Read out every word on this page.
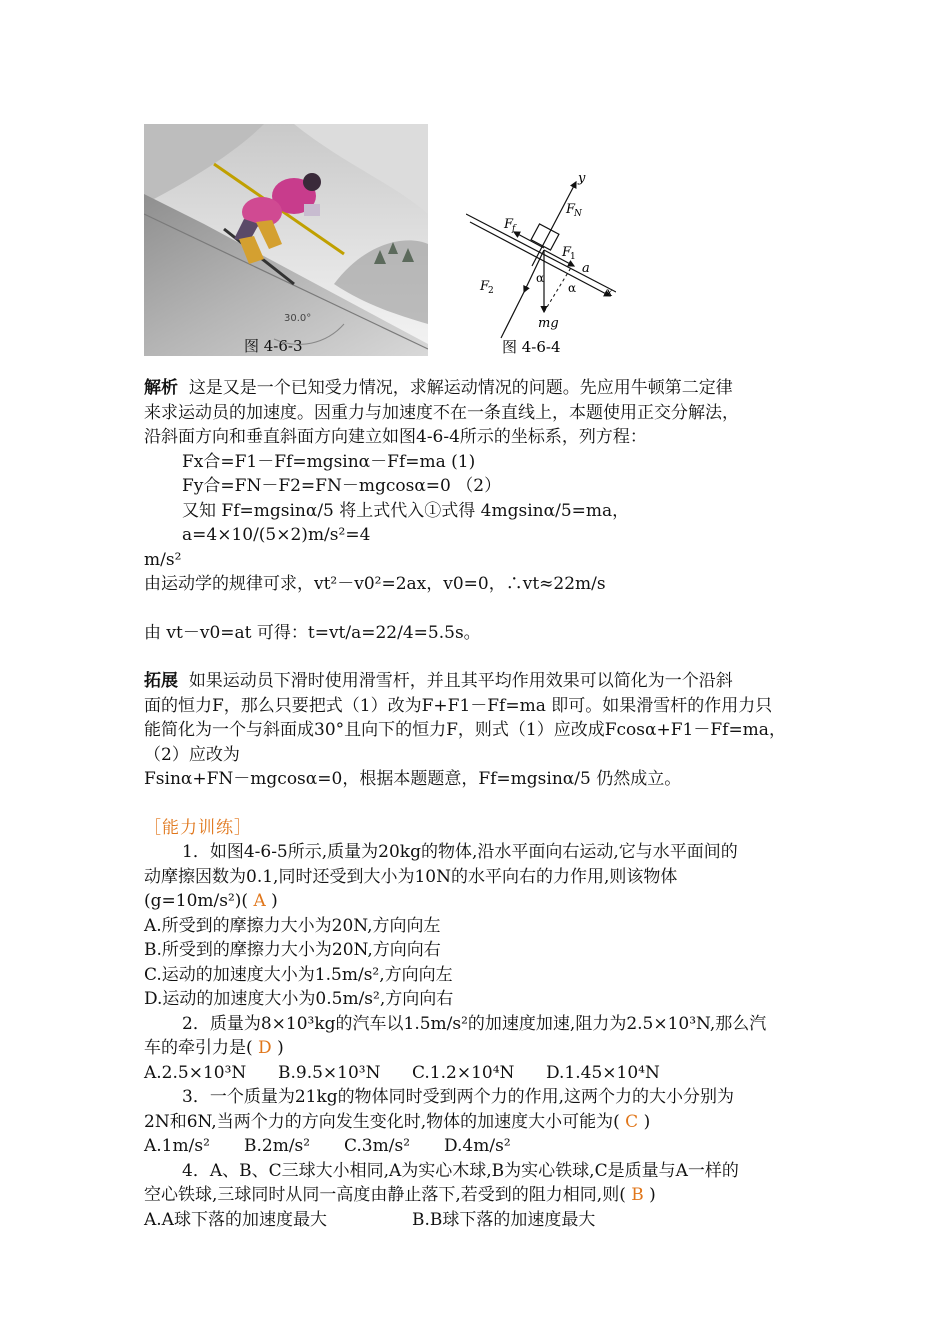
30.0°
图 4-6-3
y
F
N
F
f
F
1
a
F
2
α
α x
mg
图 4-6-4

解析 这是又是一个已知受力情况，求解运动情况的问题。先应用牛顿第二定律

来求运动员的加速度。因重力与加速度不在一条直线上，本题使用正交分解法，

沿斜面方向和垂直斜面方向建立如图4-6-4所示的坐标系，列方程：

Fx合=F1－Ff=mgsinα－Ff=ma (1)

Fy合=FN－F2=FN－mgcosα=0 （2）

又知 Ff=mgsinα/5 将上式代入①式得 4mgsinα/5=ma，a=4×10/(5×2)m/s²=4

m/s²

由运动学的规律可求，vt²－v0²=2ax，v0=0，∴vt≈22m/s

由 vt－v0=at 可得：t=vt/a=22/4=5.5s。

拓展 如果运动员下滑时使用滑雪杆，并且其平均作用效果可以简化为一个沿斜

面的恒力F，那么只要把式（1）改为F+F1－Ff=ma 即可。如果滑雪杆的作用力只

能简化为一个与斜面成30°且向下的恒力F，则式（1）应改成Fcosα+F1－Ff=ma，

（2）应改为

Fsinα+FN－mgcosα=0，根据本题题意，Ff=mgsinα/5 仍然成立。

［能力训练］

1．如图4-6-5所示,质量为20kg的物体,沿水平面向右运动,它与水平面间的

动摩擦因数为0.1,同时还受到大小为10N的水平向右的力作用,则该物体

(g=10m/s²)( A )

A.所受到的摩擦力大小为20N,方向向左

B.所受到的摩擦力大小为20N,方向向右

C.运动的加速度大小为1.5m/s²,方向向左

D.运动的加速度大小为0.5m/s²,方向向右

2．质量为8×10³kg的汽车以1.5m/s²的加速度加速,阻力为2.5×10³N,那么汽

车的牵引力是( D )

A.2.5×10³N B.9.5×10³N C.1.2×10⁴N D.1.45×10⁴N

3．一个质量为21kg的物体同时受到两个力的作用,这两个力的大小分别为

2N和6N,当两个力的方向发生变化时,物体的加速度大小可能为( C )

A.1m/s² B.2m/s² C.3m/s² D.4m/s²

4．A、B、C三球大小相同,A为实心木球,B为实心铁球,C是质量与A一样的

空心铁球,三球同时从同一高度由静止落下,若受到的阻力相同,则( B )

A.A球下落的加速度最大	B.B球下落的加速度最大
